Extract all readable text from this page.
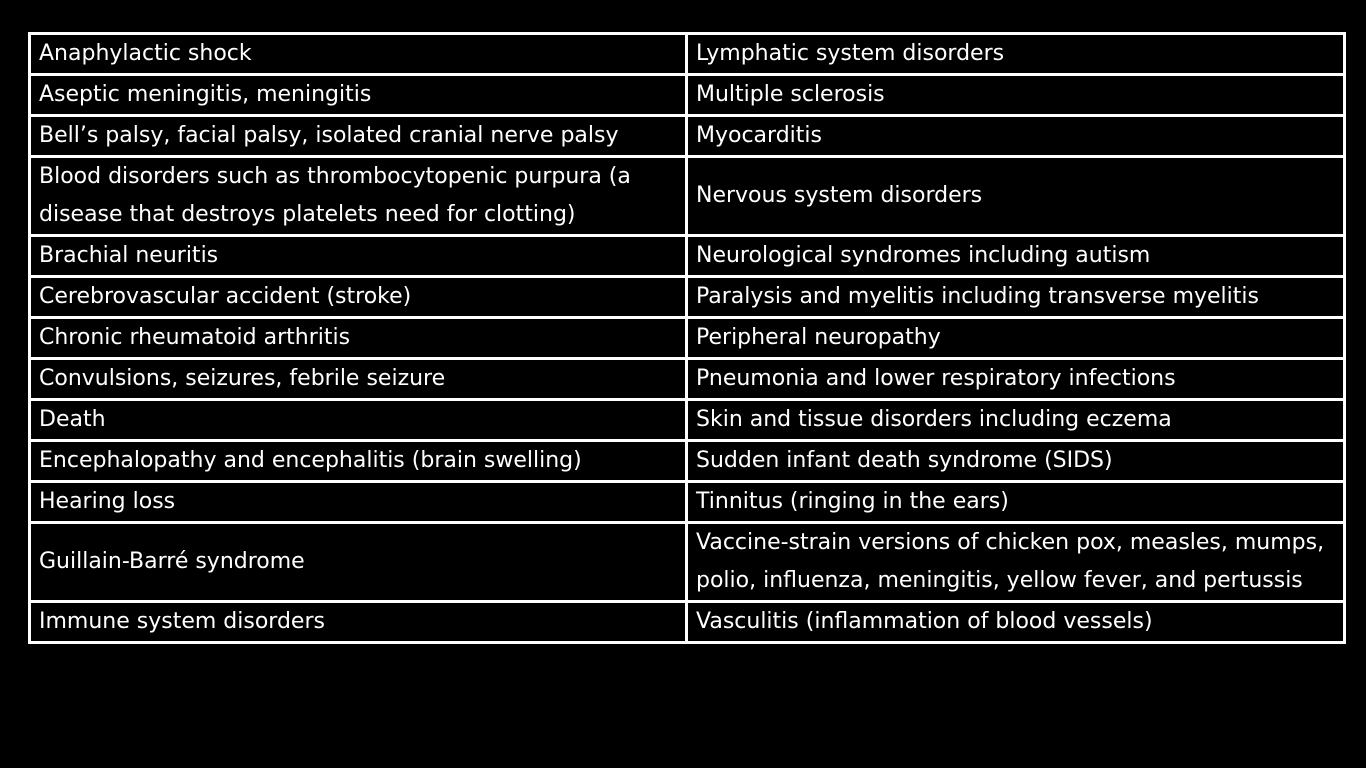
Anaphylactic shock	Lymphatic system disorders
Aseptic meningitis, meningitis	Multiple sclerosis
Bell’s palsy, facial palsy, isolated cranial nerve palsy	Myocarditis
Blood disorders such as thrombocytopenic purpura (a disease that destroys platelets need for clotting)	Nervous system disorders
Brachial neuritis	Neurological syndromes including autism
Cerebrovascular accident (stroke)	Paralysis and myelitis including transverse myelitis
Chronic rheumatoid arthritis	Peripheral neuropathy
Convulsions, seizures, febrile seizure	Pneumonia and lower respiratory infections
Death	Skin and tissue disorders including eczema
Encephalopathy and encephalitis (brain swelling)	Sudden infant death syndrome (SIDS)
Hearing loss	Tinnitus (ringing in the ears)
Guillain-Barré syndrome	Vaccine-strain versions of chicken pox, measles, mumps, polio, influenza, meningitis, yellow fever, and pertussis
Immune system disorders	Vasculitis (inflammation of blood vessels)
